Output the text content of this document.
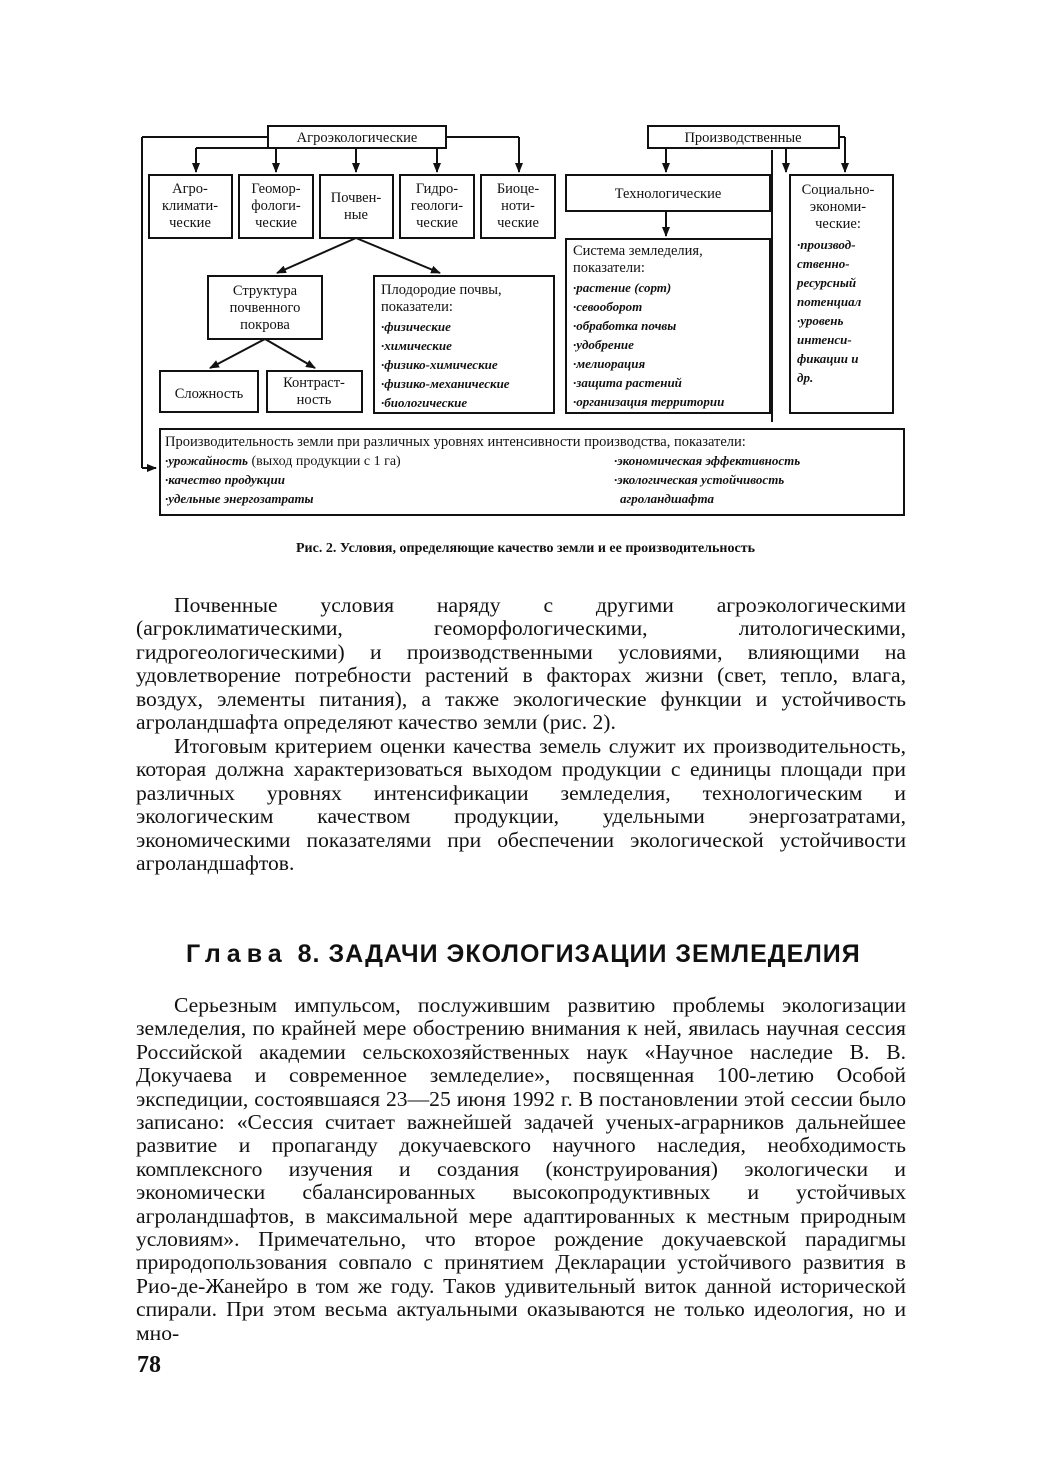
Агроэкологические	Производственные
Агро-климати-ческие
Геомор-фологи-ческие
Почвен-ные
Гидро-геологи-ческие
Биоце-ноти-ческие
Структура почвенного покрова
Сложность
Контраст-ность
Технологические
Плодородие почвы, показатели:
·физические ·химические ·физико-химические ·физико-механические ·биологические
Система земледелия, показатели:
·растение (сорт) ·севооборот ·обработка почвы ·удобрение ·мелиорация ·защита растений ·организация территории
Социально-экономи-ческие:
·производ- ственно- ресурсный потенциал ·уровень интенси- фикации и др.
Производительность земли при различных уровнях интенсивности производства, показатели:
·урожайность (выход продукции с 1 га)
·качество продукции
·удельные энергозатраты
·экономическая эффективность
·экологическая устойчивость
агроландшафта
Рис. 2. Условия, определяющие качество земли и ее производительность

Почвенные условия наряду с другими агроэкологическими (агроклиматическими, геоморфологическими, литологическими, гидрогеологическими) и производственными условиями, влияющими на удовлетворение потребности растений в факторах жизни (свет, тепло, влага, воздух, элементы питания), а также экологические функции и устойчивость агроландшафта определяют качество земли (рис. 2).

Итоговым критерием оценки качества земель служит их производительность, которая должна характеризоваться выходом продукции с единицы площади при различных уровнях интенсификации земледелия, технологическим и экологическим качеством продукции, удельными энергозатратами, экономическими показателями при обеспечении экологической устойчивости агроландшафтов.

Глава 8. ЗАДАЧИ ЭКОЛОГИЗАЦИИ ЗЕМЛЕДЕЛИЯ

Серьезным импульсом, послужившим развитию проблемы экологизации земледелия, по крайней мере обострению внимания к ней, явилась научная сессия Российской академии сельскохозяйственных наук «Научное наследие В. В. Докучаева и современное земледелие», посвященная 100-летию Особой экспедиции, состоявшаяся 23—25 июня 1992 г. В постановлении этой сессии было записано: «Сессия считает важнейшей задачей ученых-аграрников дальнейшее развитие и пропаганду докучаевского научного наследия, необходимость комплексного изучения и создания (конструирования) экологически и экономически сбалансированных высокопродуктивных и устойчивых агроландшафтов, в максимальной мере адаптированных к местным природным условиям». Примечательно, что второе рождение докучаевской парадигмы природопользования совпало с принятием Декларации устойчивого развития в Рио-де-Жанейро в том же году. Таков удивительный виток данной исторической спирали. При этом весьма актуальными оказываются не только идеология, но и мно-

78
